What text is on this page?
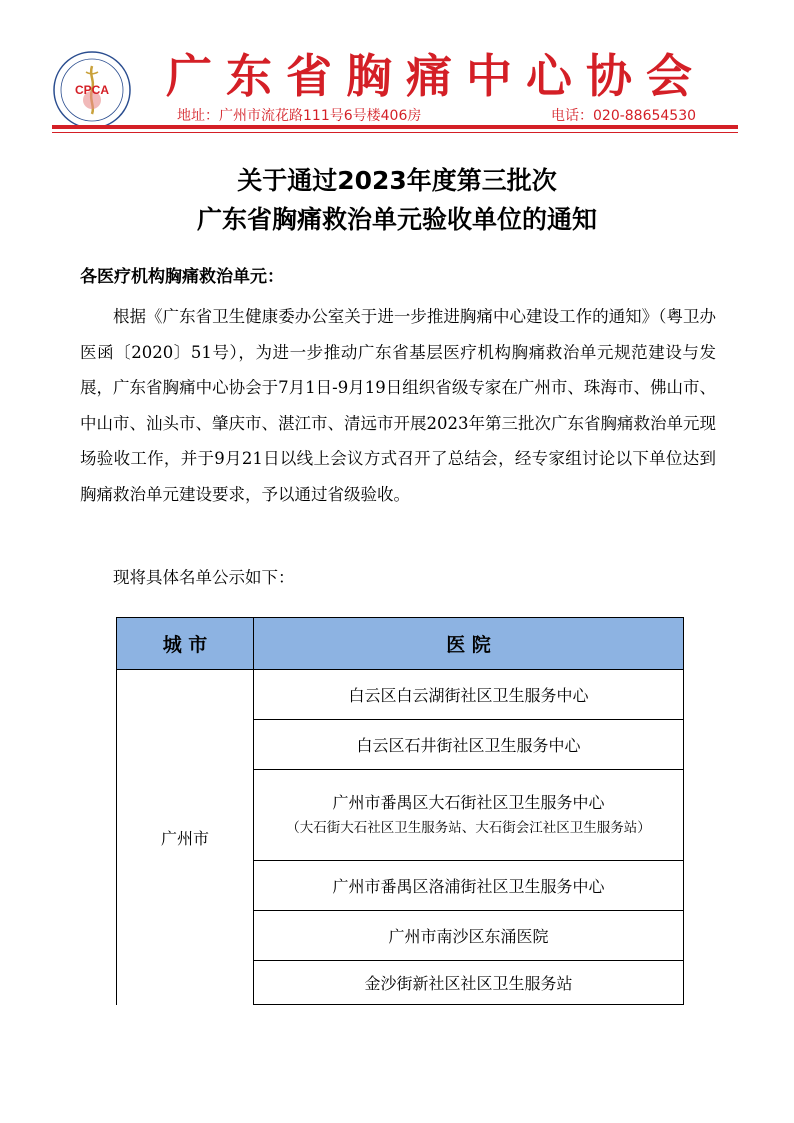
CPCA 广东省胸痛中心协会
地址：广州市流花路111号6号楼406房	电话：020-88654530
关于通过2023年度第三批次
广东省胸痛救治单元验收单位的通知
各医疗机构胸痛救治单元：
根据《广东省卫生健康委办公室关于进一步推进胸痛中心建设工作的通知》（粤卫办医函〔2020〕51号），为进一步推动广东省基层医疗机构胸痛救治单元规范建设与发展，广东省胸痛中心协会于7月1日-9月19日组织省级专家在广州市、珠海市、佛山市、中山市、汕头市、肇庆市、湛江市、清远市开展2023年第三批次广东省胸痛救治单元现场验收工作，并于9月21日以线上会议方式召开了总结会，经专家组讨论以下单位达到胸痛救治单元建设要求，予以通过省级验收。
现将具体名单公示如下：
城 市	医 院
广州市	白云区白云湖街社区卫生服务中心
	白云区石井街社区卫生服务中心

	广州市番禺区大石街社区卫生服务中心
（大石街大石社区卫生服务站、大石街会江社区卫生服务站）

	广州市番禺区洛浦街社区卫生服务中心
	广州市南沙区东涌医院
	金沙街新社区社区卫生服务站
